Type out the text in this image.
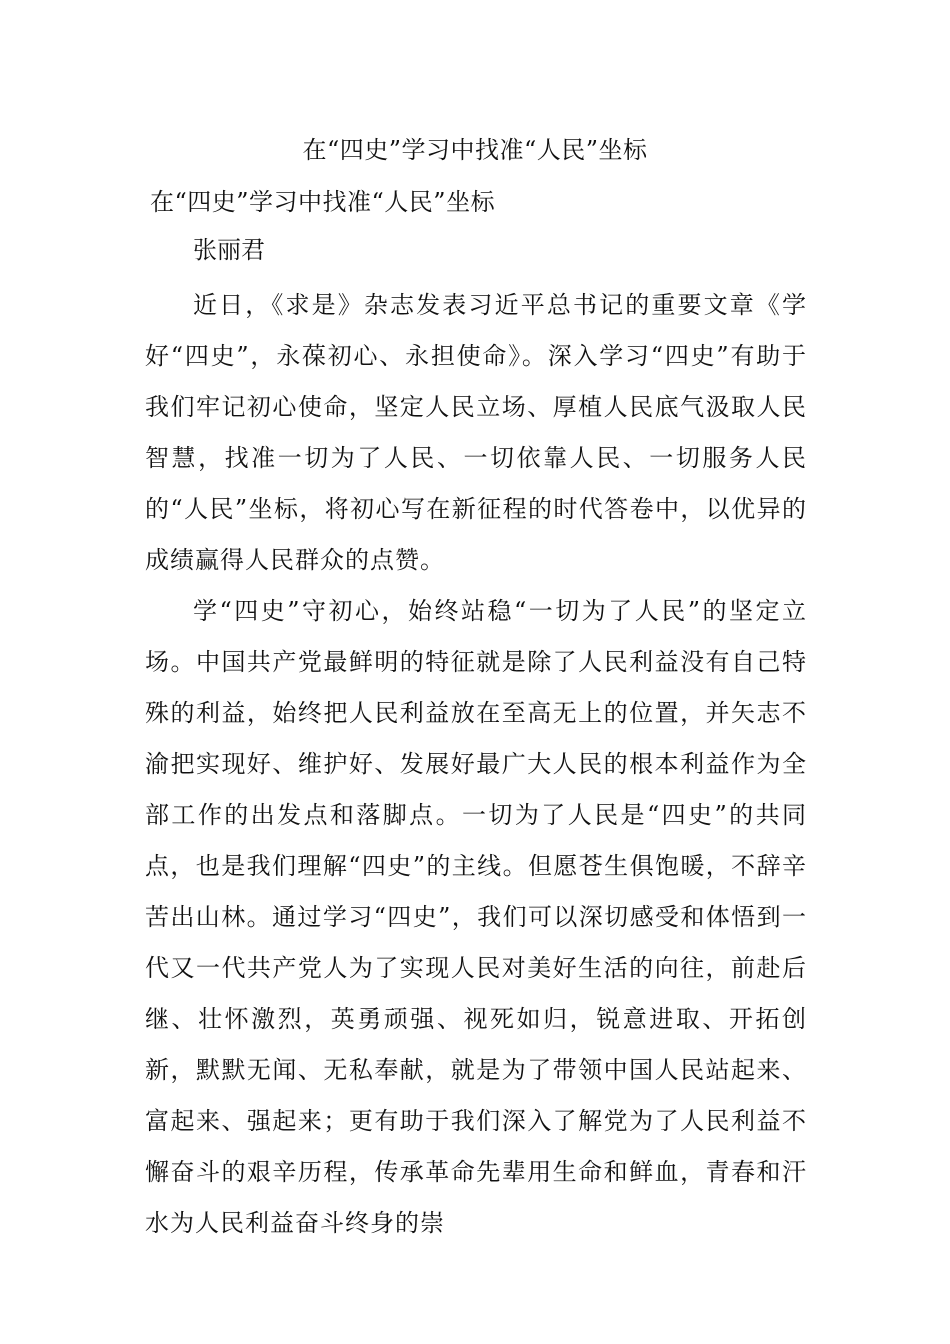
在“四史”学习中找准“人民”坐标
在“四史”学习中找准“人民”坐标
张丽君

近日，《求是》杂志发表习近平总书记的重要文章《学好“四史”，永葆初心、永担使命》。深入学习“四史”有助于我们牢记初心使命，坚定人民立场、厚植人民底气汲取人民智慧，找准一切为了人民、一切依靠人民、一切服务人民的“人民”坐标，将初心写在新征程的时代答卷中，以优异的成绩赢得人民群众的点赞。

学“四史”守初心，始终站稳“一切为了人民”的坚定立场。中国共产党最鲜明的特征就是除了人民利益没有自己特殊的利益，始终把人民利益放在至高无上的位置，并矢志不渝把实现好、维护好、发展好最广大人民的根本利益作为全部工作的出发点和落脚点。一切为了人民是“四史”的共同点，也是我们理解“四史”的主线。但愿苍生俱饱暖，不辞辛苦出山林。通过学习“四史”，我们可以深切感受和体悟到一代又一代共产党人为了实现人民对美好生活的向往，前赴后继、壮怀激烈，英勇顽强、视死如归，锐意进取、开拓创新，默默无闻、无私奉献，就是为了带领中国人民站起来、富起来、强起来；更有助于我们深入了解党为了人民利益不懈奋斗的艰辛历程，传承革命先辈用生命和鲜血，青春和汗水为人民利益奋斗终身的崇
